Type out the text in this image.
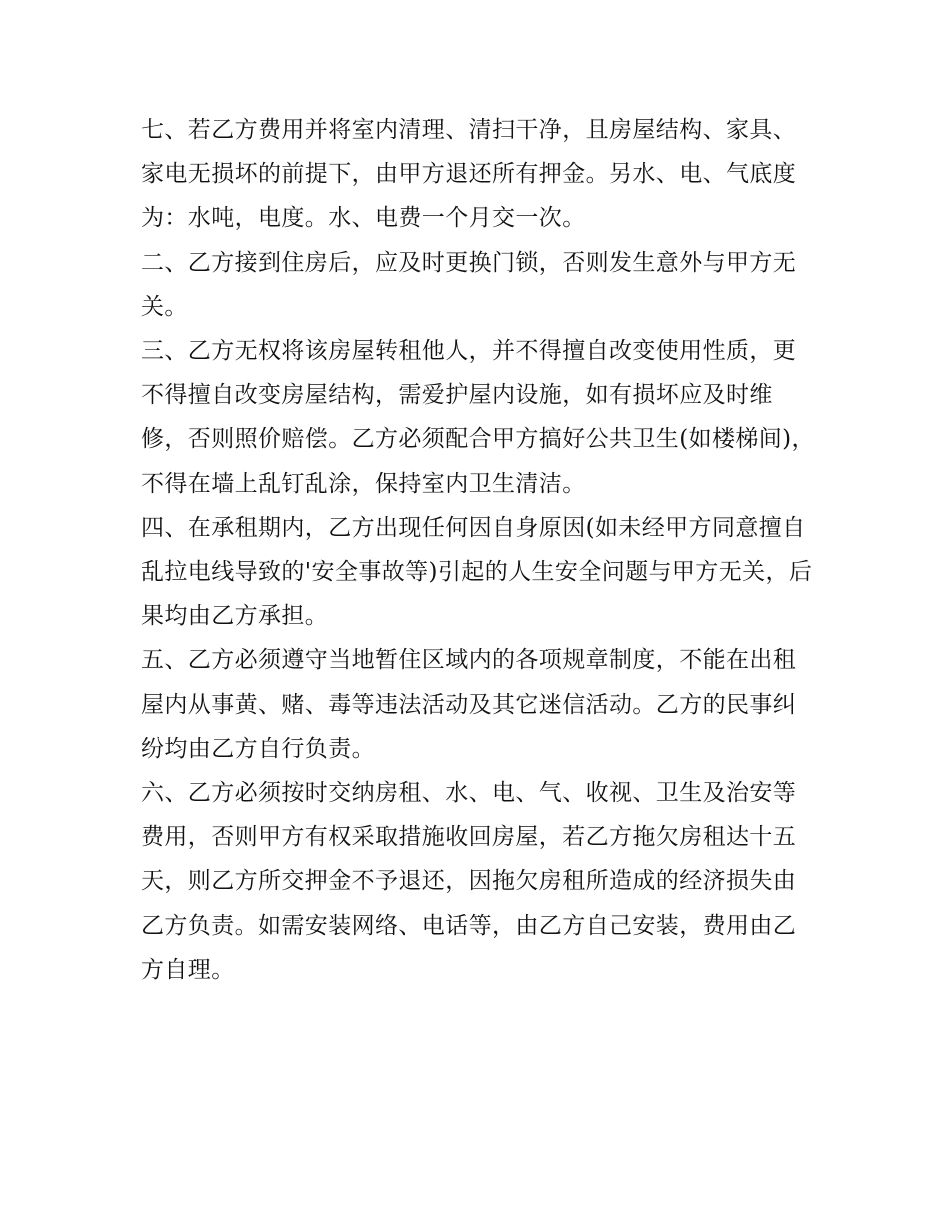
七、若乙方费用并将室内清理、清扫干净，且房屋结构、家具、家电无损坏的前提下，由甲方退还所有押金。另水、电、气底度为：水吨，电度。水、电费一个月交一次。

二、乙方接到住房后，应及时更换门锁，否则发生意外与甲方无关。

三、乙方无权将该房屋转租他人，并不得擅自改变使用性质，更不得擅自改变房屋结构，需爱护屋内设施，如有损坏应及时维修，否则照价赔偿。乙方必须配合甲方搞好公共卫生(如楼梯间)，不得在墙上乱钉乱涂，保持室内卫生清洁。

四、在承租期内，乙方出现任何因自身原因(如未经甲方同意擅自乱拉电线导致的'安全事故等)引起的人生安全问题与甲方无关，后果均由乙方承担。

五、乙方必须遵守当地暂住区域内的各项规章制度，不能在出租屋内从事黄、赌、毒等违法活动及其它迷信活动。乙方的民事纠纷均由乙方自行负责。

六、乙方必须按时交纳房租、水、电、气、收视、卫生及治安等费用，否则甲方有权采取措施收回房屋，若乙方拖欠房租达十五天，则乙方所交押金不予退还，因拖欠房租所造成的经济损失由乙方负责。如需安装网络、电话等，由乙方自己安装，费用由乙方自理。
